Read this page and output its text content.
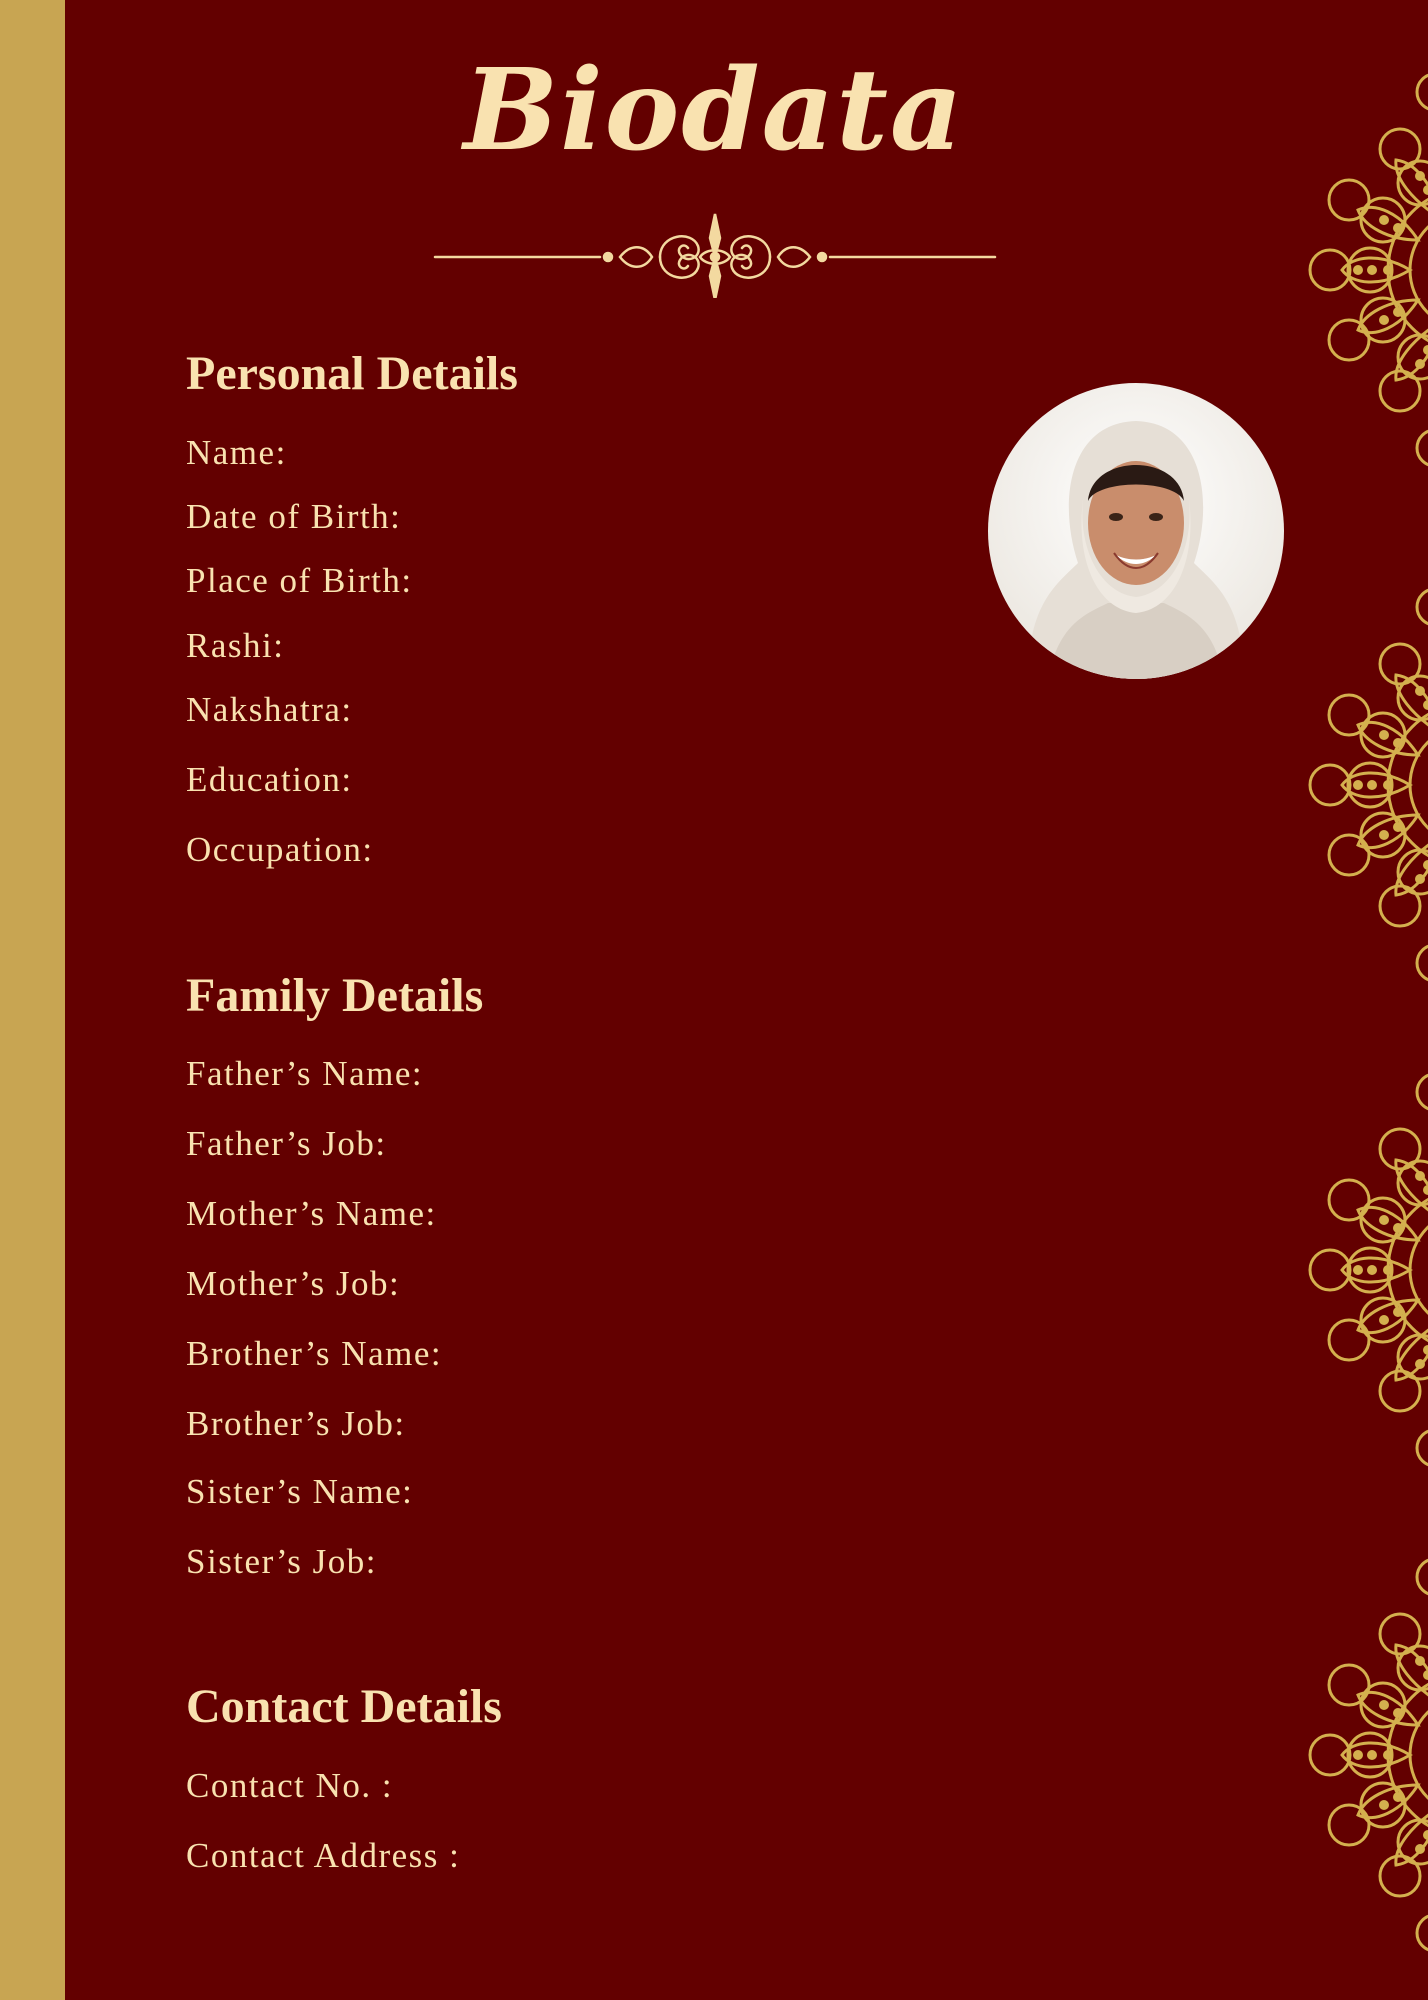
Biodata
Personal Details
Name:
Date of Birth:
Place of Birth:
Rashi:
Nakshatra:
Education:
Occupation:
Family Details
Father’s Name:
Father’s Job:
Mother’s Name:
Mother’s Job:
Brother’s Name:
Brother’s Job:
Sister’s Name:
Sister’s Job:
Contact Details
Contact No. :
Contact Address :
